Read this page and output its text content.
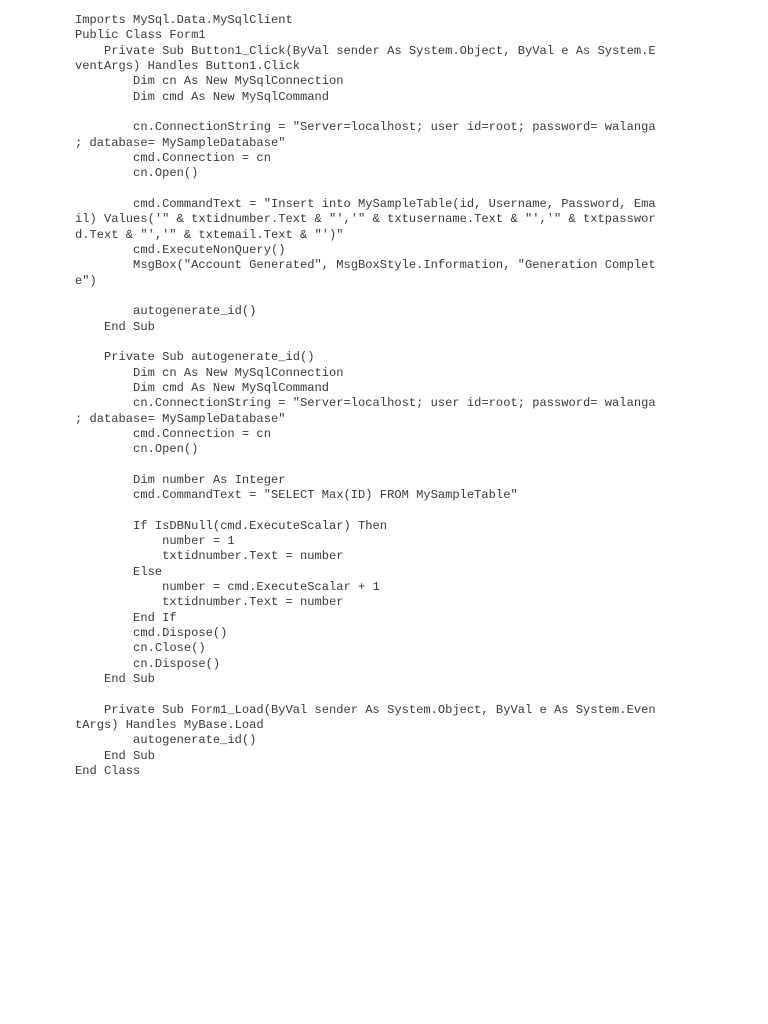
Imports MySql.Data.MySqlClient
Public Class Form1
Private Sub Button1_Click(ByVal sender As System.Object, ByVal e As System.E
ventArgs) Handles Button1.Click
Dim cn As New MySqlConnection
Dim cmd As New MySqlCommand
cn.ConnectionString = "Server=localhost; user id=root; password= walanga
; database= MySampleDatabase"
cmd.Connection = cn
cn.Open()
cmd.CommandText = "Insert into MySampleTable(id, Username, Password, Ema
il) Values('" & txtidnumber.Text & "','" & txtusername.Text & "','" & txtpasswor
d.Text & "','" & txtemail.Text & "')"
cmd.ExecuteNonQuery()
MsgBox("Account Generated", MsgBoxStyle.Information, "Generation Complet
e")
autogenerate_id()
End Sub
Private Sub autogenerate_id()
Dim cn As New MySqlConnection
Dim cmd As New MySqlCommand
cn.ConnectionString = "Server=localhost; user id=root; password= walanga
; database= MySampleDatabase"
cmd.Connection = cn
cn.Open()
Dim number As Integer
cmd.CommandText = "SELECT Max(ID) FROM MySampleTable"
If IsDBNull(cmd.ExecuteScalar) Then
number = 1
txtidnumber.Text = number
Else
number = cmd.ExecuteScalar + 1
txtidnumber.Text = number
End If
cmd.Dispose()
cn.Close()
cn.Dispose()
End Sub
Private Sub Form1_Load(ByVal sender As System.Object, ByVal e As System.Even
tArgs) Handles MyBase.Load
autogenerate_id()
End Sub
End Class
